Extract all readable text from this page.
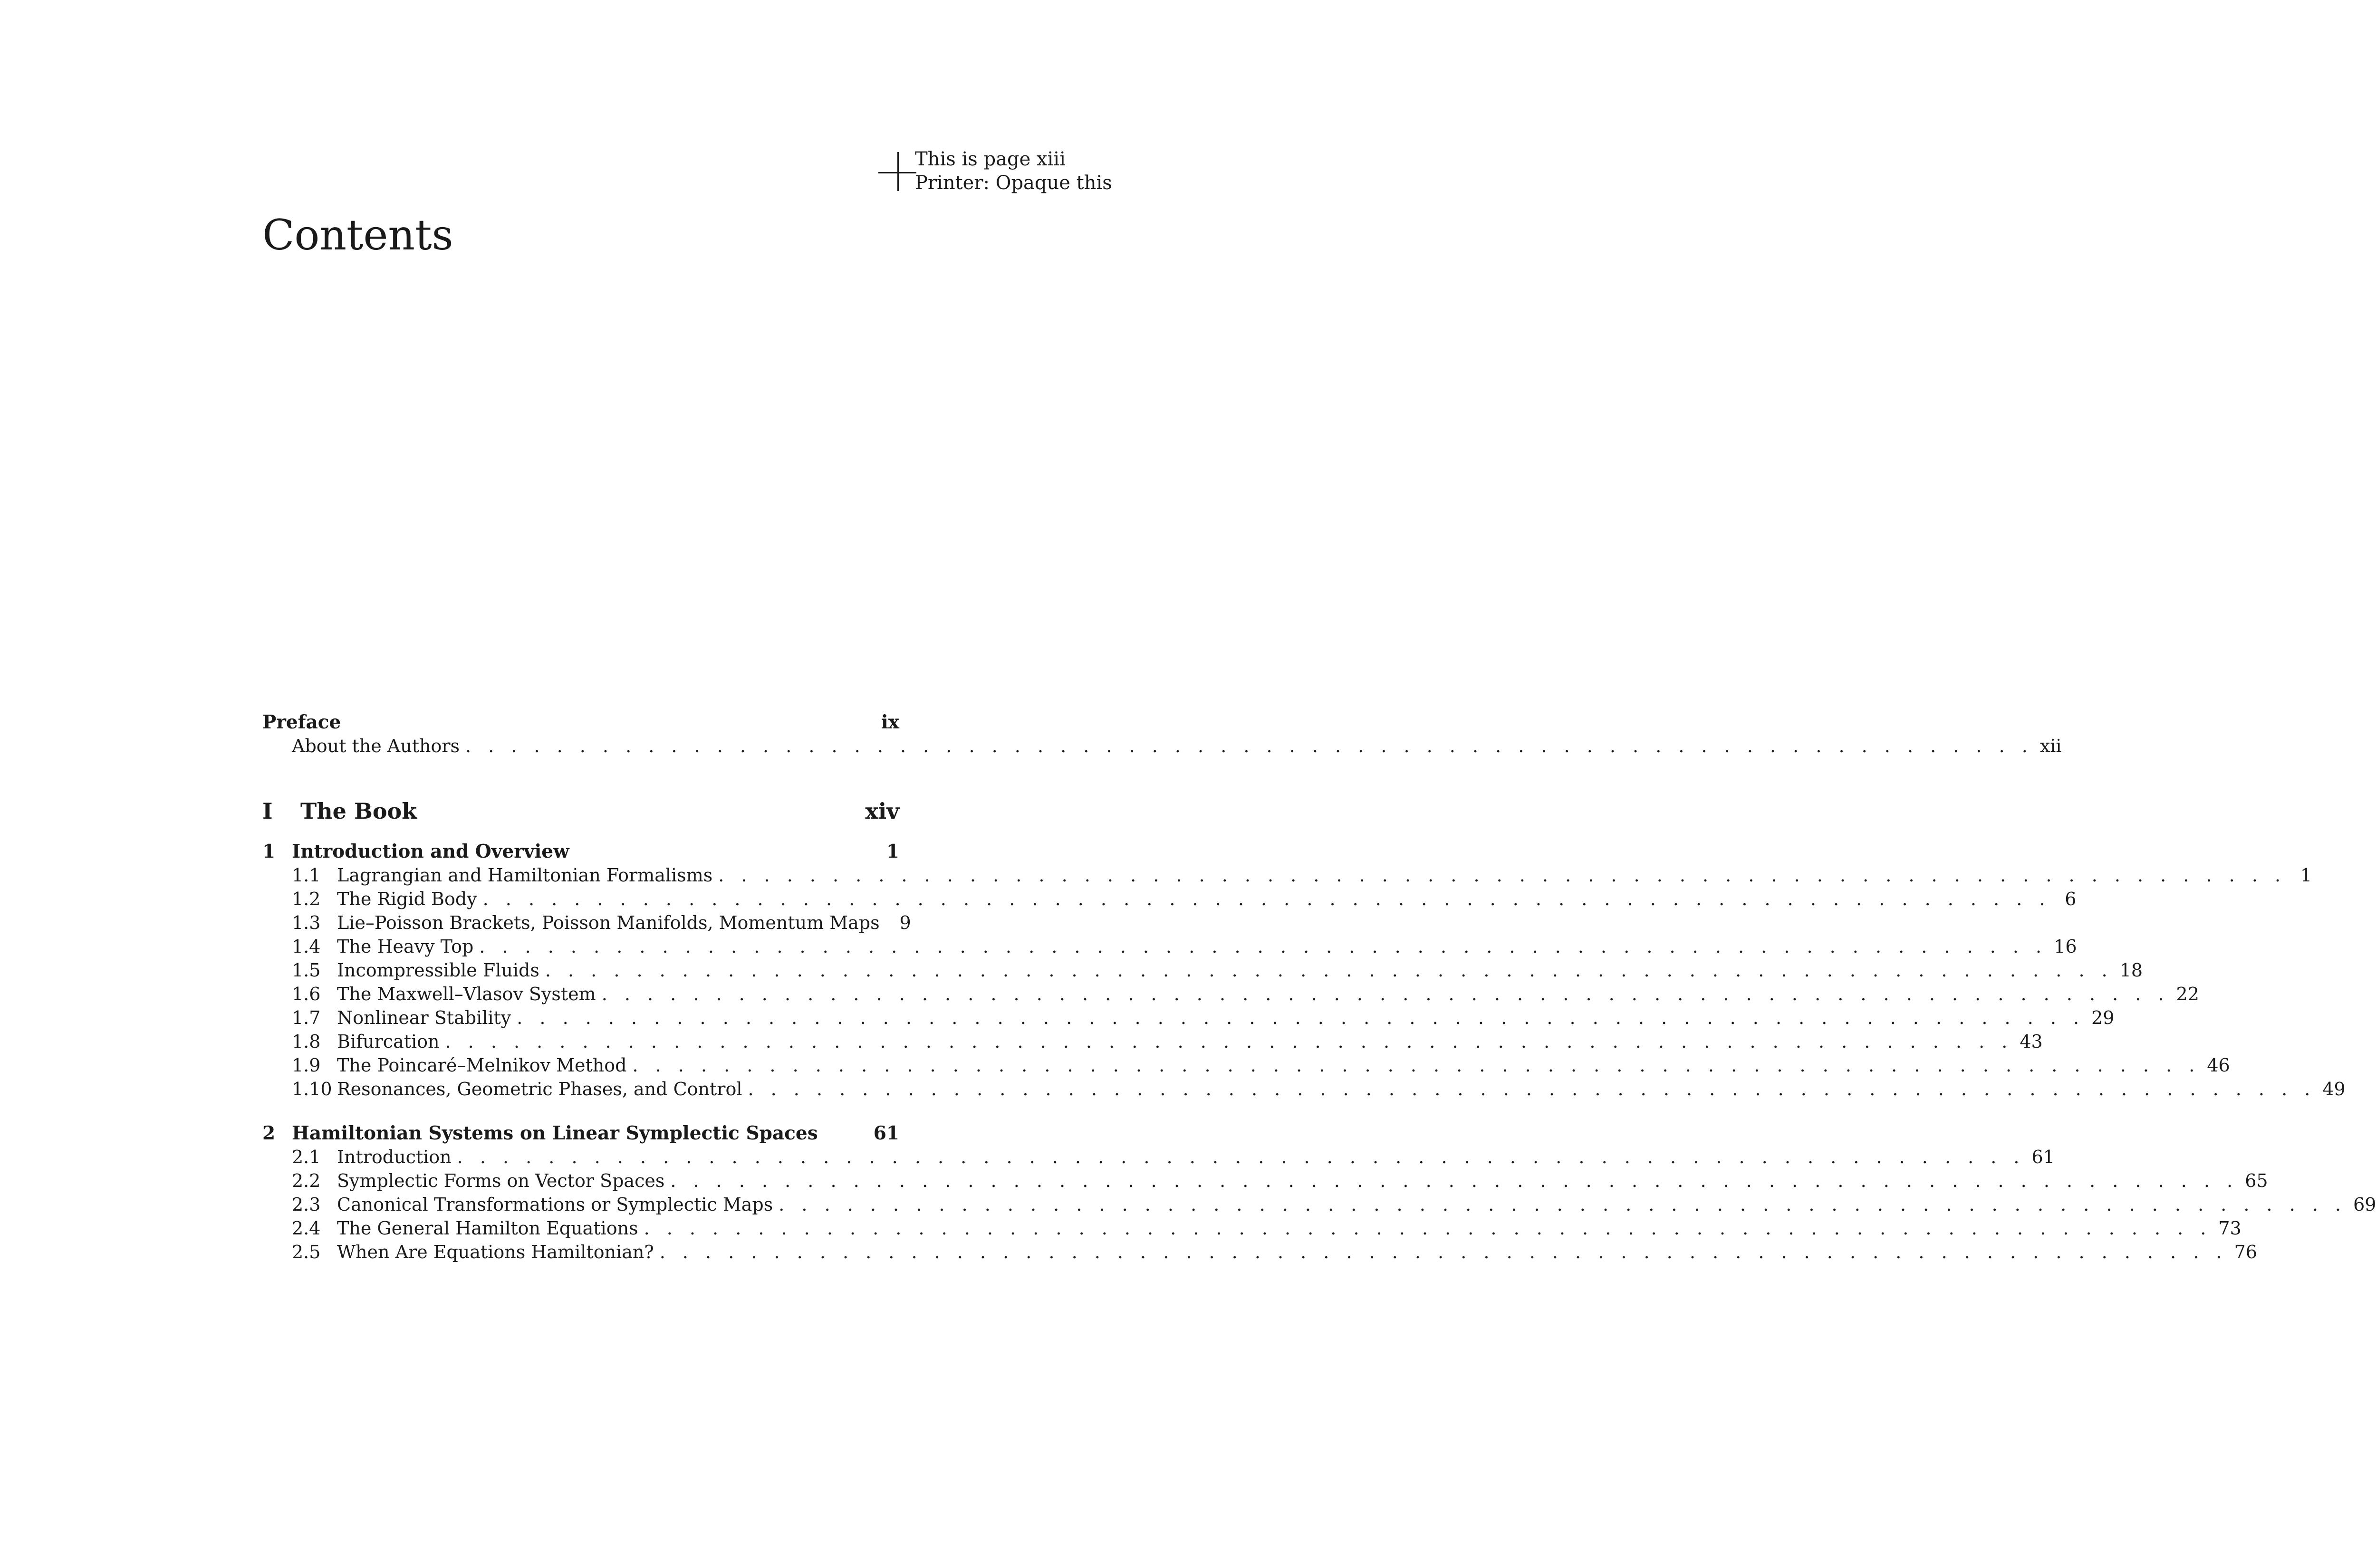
This is page xiii
Printer: Opaque this
Contents
Preface	ix
About the Authors . . . . . . . . . . . . . . . . . . . . . . . . . . . . . . . . . . . . . . . . . . . . . . . . . . . . . . . . . . . . . . . . . . . . . xii
I	The Book	xiv
1 Introduction and Overview	1
1.1 Lagrangian and Hamiltonian Formalisms . . . . . . . . . . . . . . . . . . . . . . . . . . . . . . . . . . . . . . . . . . . . . . . . . . . . . . . . . . . . . . . . . . . . . 1
1.2 The Rigid Body . . . . . . . . . . . . . . . . . . . . . . . . . . . . . . . . . . . . . . . . . . . . . . . . . . . . . . . . . . . . . . . . . . . . . 6
1.3 Lie–Poisson Brackets, Poisson Manifolds, Momentum Maps	9
1.4 The Heavy Top . . . . . . . . . . . . . . . . . . . . . . . . . . . . . . . . . . . . . . . . . . . . . . . . . . . . . . . . . . . . . . . . . . . . . 16
1.5 Incompressible Fluids . . . . . . . . . . . . . . . . . . . . . . . . . . . . . . . . . . . . . . . . . . . . . . . . . . . . . . . . . . . . . . . . . . . . . 18
1.6 The Maxwell–Vlasov System . . . . . . . . . . . . . . . . . . . . . . . . . . . . . . . . . . . . . . . . . . . . . . . . . . . . . . . . . . . . . . . . . . . . . 22
1.7 Nonlinear Stability . . . . . . . . . . . . . . . . . . . . . . . . . . . . . . . . . . . . . . . . . . . . . . . . . . . . . . . . . . . . . . . . . . . . . 29
1.8 Bifurcation . . . . . . . . . . . . . . . . . . . . . . . . . . . . . . . . . . . . . . . . . . . . . . . . . . . . . . . . . . . . . . . . . . . . . 43
1.9 The Poincaré–Melnikov Method . . . . . . . . . . . . . . . . . . . . . . . . . . . . . . . . . . . . . . . . . . . . . . . . . . . . . . . . . . . . . . . . . . . . . 46
1.10 Resonances, Geometric Phases, and Control . . . . . . . . . . . . . . . . . . . . . . . . . . . . . . . . . . . . . . . . . . . . . . . . . . . . . . . . . . . . . . . . . . . . . 49
2 Hamiltonian Systems on Linear Symplectic Spaces	61
2.1 Introduction . . . . . . . . . . . . . . . . . . . . . . . . . . . . . . . . . . . . . . . . . . . . . . . . . . . . . . . . . . . . . . . . . . . . . 61
2.2 Symplectic Forms on Vector Spaces . . . . . . . . . . . . . . . . . . . . . . . . . . . . . . . . . . . . . . . . . . . . . . . . . . . . . . . . . . . . . . . . . . . . . 65
2.3 Canonical Transformations or Symplectic Maps . . . . . . . . . . . . . . . . . . . . . . . . . . . . . . . . . . . . . . . . . . . . . . . . . . . . . . . . . . . . . . . . . . . . . 69
2.4 The General Hamilton Equations . . . . . . . . . . . . . . . . . . . . . . . . . . . . . . . . . . . . . . . . . . . . . . . . . . . . . . . . . . . . . . . . . . . . . 73
2.5 When Are Equations Hamiltonian? . . . . . . . . . . . . . . . . . . . . . . . . . . . . . . . . . . . . . . . . . . . . . . . . . . . . . . . . . . . . . . . . . . . . . 76
